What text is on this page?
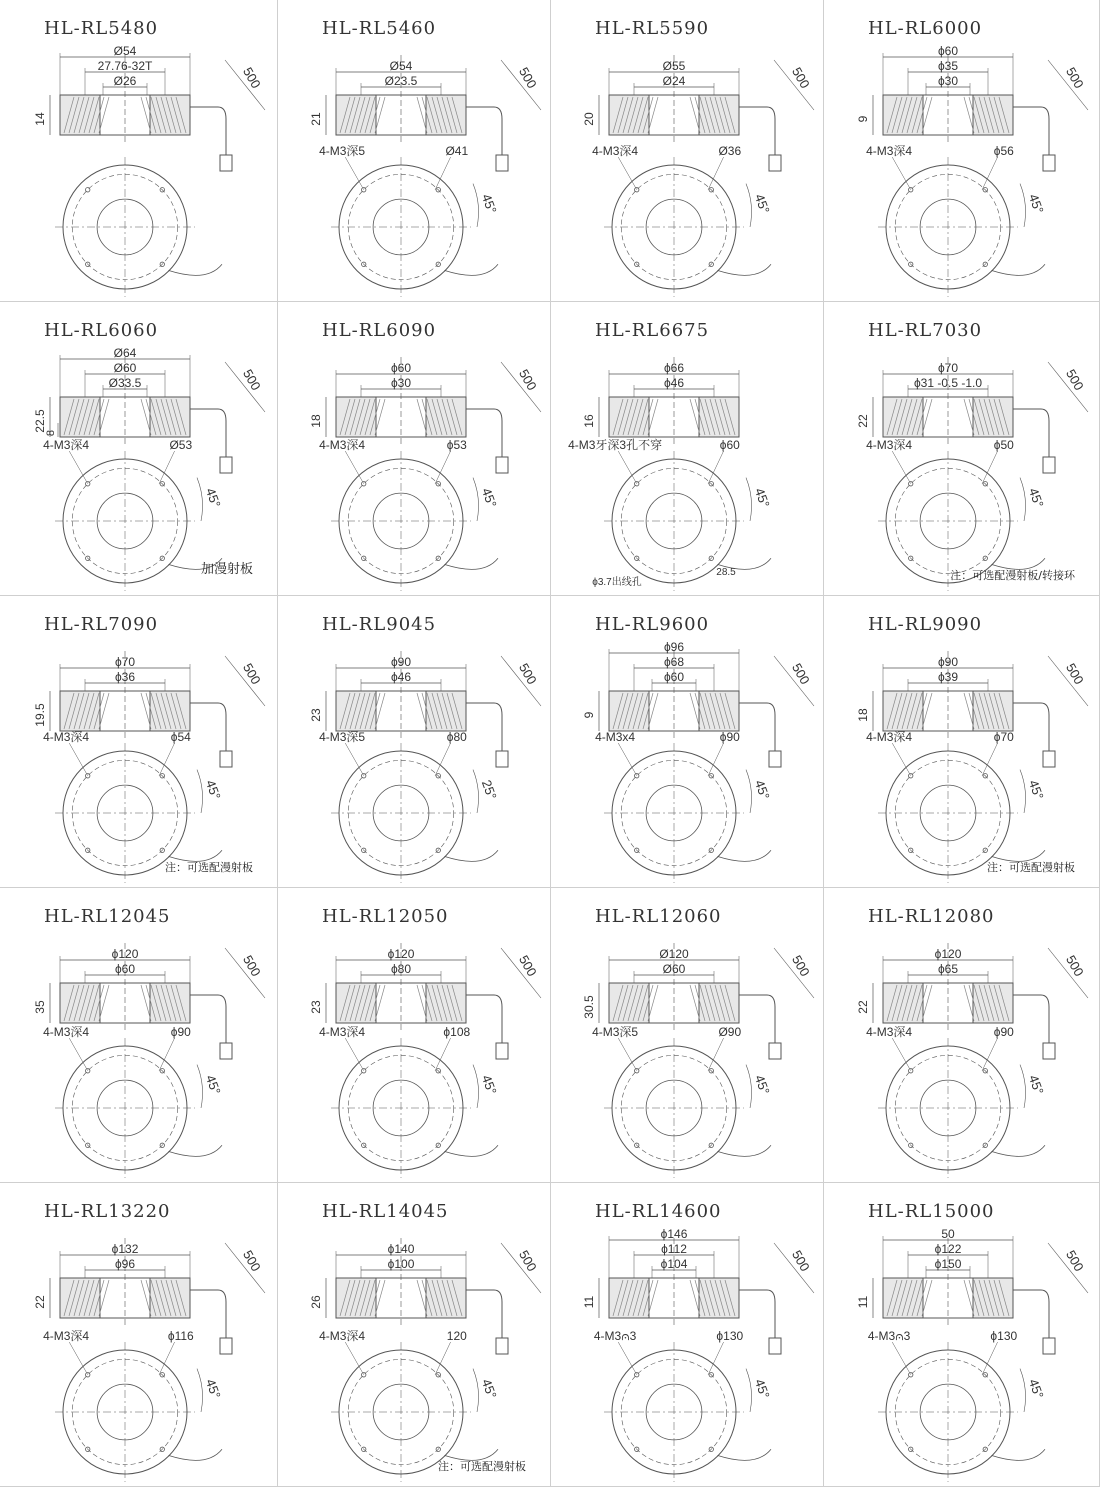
HL-RL5480
Ø54
27.76-32T
Ø26
14
500
HL-RL5460
Ø54
Ø23.5
21
500
4-M3深5	Ø41
45°
HL-RL5590
Ø55
Ø24
20
500
4-M3深4	Ø36
45°
HL-RL6000
ϕ60
ϕ35
ϕ30
9
500
4-M3深4	ϕ56
45°
HL-RL6060
Ø64
Ø60
Ø33.5
22.5
8
500
4-M3深4	Ø53
45°
加漫射板
HL-RL6090
ϕ60
ϕ30
18
500
4-M3深4	ϕ53
45°
HL-RL6675
ϕ66
ϕ46
16
4-M3牙深3孔不穿	ϕ60
45°
ϕ3.7出线孔
28.5
HL-RL7030
ϕ70
ϕ31 -0.5 -1.0
22
500
4-M3深4	ϕ50
45°
注：可选配漫射板/转接环
HL-RL7090
ϕ70
ϕ36
19.5
500
4-M3深4	ϕ54
45°
注：可选配漫射板
HL-RL9045
ϕ90
ϕ46
23
500
4-M3深5	ϕ80
25°
HL-RL9600
ϕ96
ϕ68
ϕ60
9
500
4-M3x4	ϕ90
45°
HL-RL9090
ϕ90
ϕ39
18
500
4-M3深4	ϕ70
45°
注：可选配漫射板
HL-RL12045
ϕ120
ϕ60
35
500
4-M3深4	ϕ90
45°
HL-RL12050
ϕ120
ϕ80
23
500
4-M3深4	ϕ108
45°
HL-RL12060
Ø120
Ø60
30.5
500
4-M3深5	Ø90
45°
HL-RL12080
ϕ120
ϕ65
22
500
4-M3深4	ϕ90
45°
HL-RL13220
ϕ132
ϕ96
22
500
4-M3深4	ϕ116
45°
HL-RL14045
ϕ140
ϕ100
26
500
4-M3深4	120
45°
注：可选配漫射板
HL-RL14600
ϕ146
ϕ112
ϕ104
11
500
4-M3⩀3	ϕ130
45°
HL-RL15000
50
ϕ122
ϕ150
11
500
4-M3⩀3	ϕ130
45°
